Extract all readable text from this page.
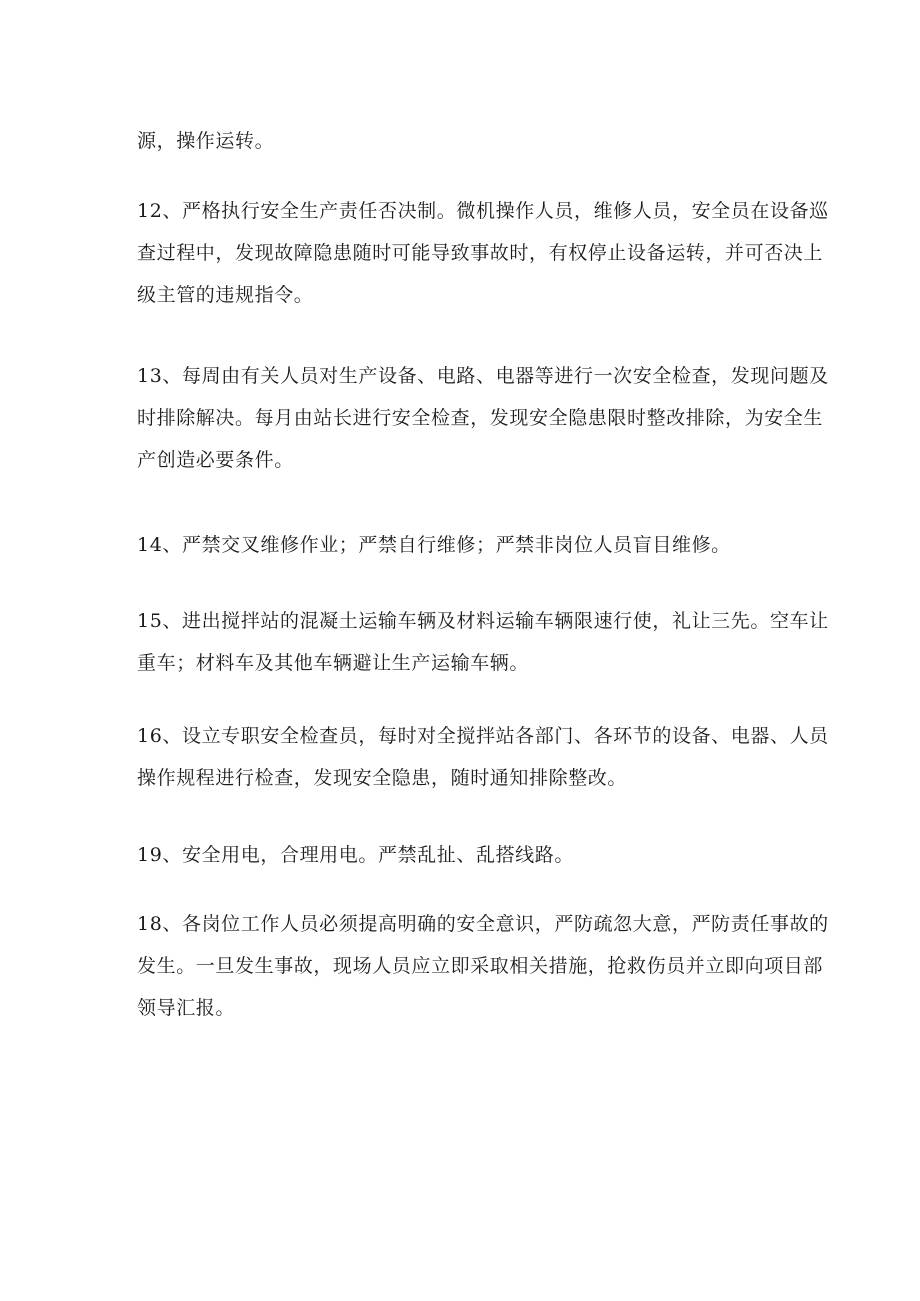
源，操作运转。
12、严格执行安全生产责任否决制。微机操作人员，维修人员，安全员在设备巡
查过程中，发现故障隐患随时可能导致事故时，有权停止设备运转，并可否决上
级主管的违规指令。
13、每周由有关人员对生产设备、电路、电器等进行一次安全检查，发现问题及
时排除解决。每月由站长进行安全检查，发现安全隐患限时整改排除，为安全生
产创造必要条件。
14、严禁交叉维修作业；严禁自行维修；严禁非岗位人员盲目维修。
15、进出搅拌站的混凝土运输车辆及材料运输车辆限速行使，礼让三先。空车让
重车；材料车及其他车辆避让生产运输车辆。
16、设立专职安全检查员，每时对全搅拌站各部门、各环节的设备、电器、人员
操作规程进行检查，发现安全隐患，随时通知排除整改。
19、安全用电，合理用电。严禁乱扯、乱搭线路。
18、各岗位工作人员必须提高明确的安全意识，严防疏忽大意，严防责任事故的
发生。一旦发生事故，现场人员应立即采取相关措施，抢救伤员并立即向项目部
领导汇报。
